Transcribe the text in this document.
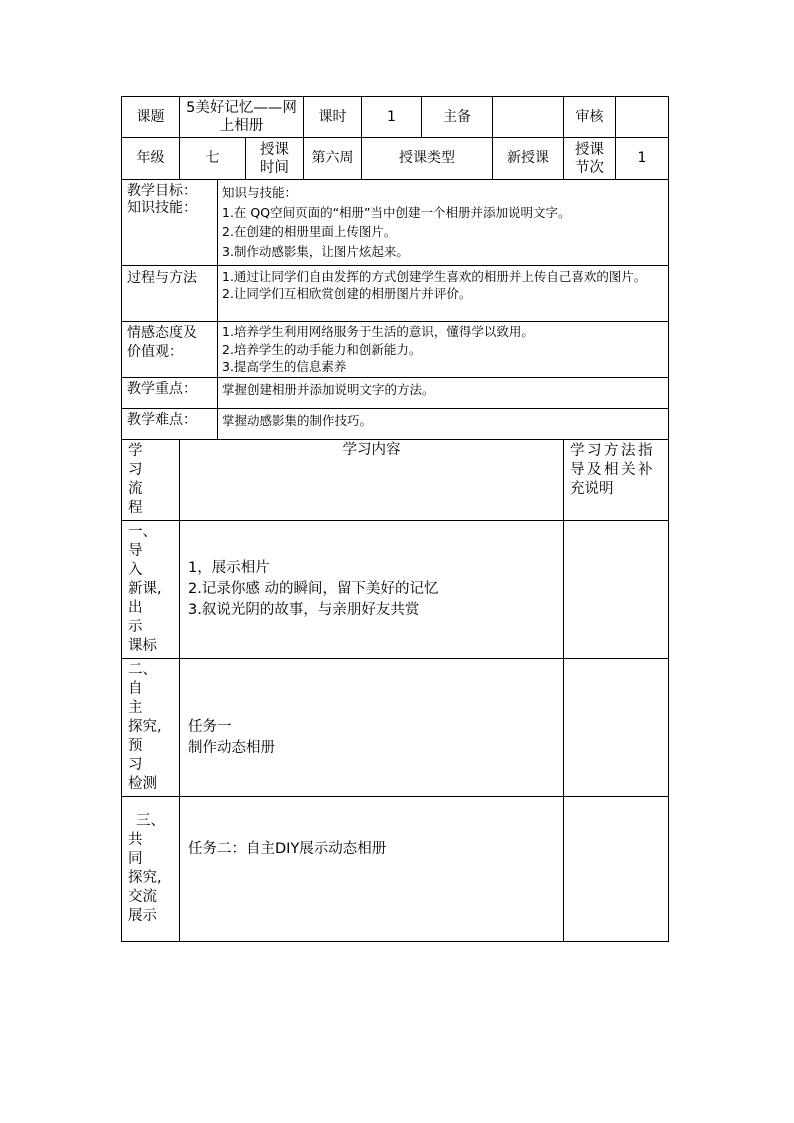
课题	5美好记忆——网上相册			课时	1	主备		审核	
年级	七		授课时间	第六周	授课类型		新授课	授课节次	1

教学目标：
知识技能：		知识与技能：
1.在 QQ空间页面的“相册”当中创建一个相册并添加说明文字。
2.在创建的相册里面上传图片。
3.制作动感影集，让图片炫起来。							

过程与方法		1.通过让同学们自由发挥的方式创建学生喜欢的相册并上传自己喜欢的图片。
2.让同学们互相欣赏创建的相册图片并评价。							

情感态度及
价值观：		1.培养学生利用网络服务于生活的意识，懂得学以致用。
2.培养学生的动手能力和创新能力。
3.提高学生的信息素养							

教学重点：		掌握创建相册并添加说明文字的方法。							
教学难点：		掌握动感影集的制作技巧。							

学 习
流 程	学习内容							学习方法指
导及相关补
充说明	

一、
导 入
新课,
出 示
课标	1，展示相片
2.记录你感 动的瞬间，留下美好的记忆
3.叙说光阴的故事，与亲朋好友共赏								

二、
自 主
探究,
预 习
检测	任务一
制作动态相册								

三、
共 同
探究,
交流
展示	任务二：自主DIY展示动态相册								
